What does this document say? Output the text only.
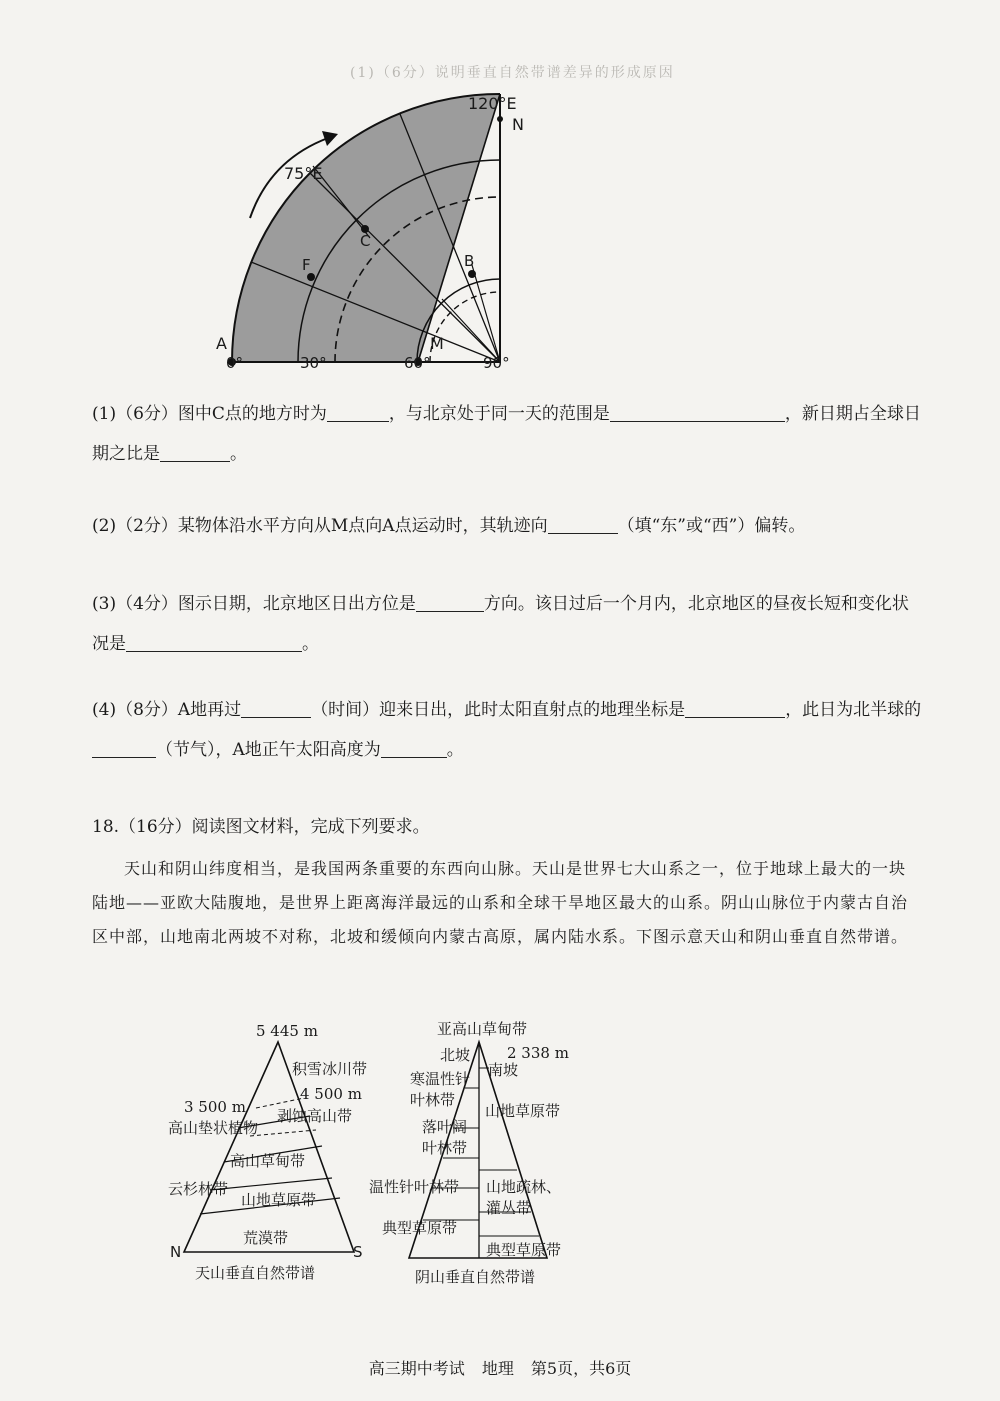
(1)（6分）说明垂直自然带谱差异的形成原因
120°E
N
75°E
A
F
C
B
M
0°	30°	60°	90°
(1)（6分）图中C点的地方时为	，与北京处于同一天的范围是	，新日期占全球日期之比是	。
(2)（2分）某物体沿水平方向从M点向A点运动时，其轨迹向	（填“东”或“西”）偏转。
(3)（4分）图示日期，北京地区日出方位是	方向。该日过后一个月内，北京地区的昼夜长短和变化状况是	。
(4)（8分）A地再过	（时间）迎来日出，此时太阳直射点的地理坐标是	，此日为北半球的（节气），A地正午太阳高度为	。
18.（16分）阅读图文材料，完成下列要求。
天山和阴山纬度相当，是我国两条重要的东西向山脉。天山是世界七大山系之一，位于地球上最大的一块陆地——亚欧大陆腹地，是世界上距离海洋最远的山系和全球干旱地区最大的山系。阴山山脉位于内蒙古自治区中部，山地南北两坡不对称，北坡和缓倾向内蒙古高原，属内陆水系。下图示意天山和阴山垂直自然带谱。
5 445 m
积雪冰川带
4 500 m
3 500 m 剥蚀高山带
高山垫状植物
高山草甸带
云杉林带
山地草原带
荒漠带
N	S
天山垂直自然带谱
亚高山草甸带
北坡 2 338 m
南坡
寒温性针
叶林带
山地草原带
落叶阔
叶林带
温性针叶林带 山地疏林、
灌丛带
典型草原带
典型草原带
阴山垂直自然带谱
高三期中考试 地理 第5页，共6页
